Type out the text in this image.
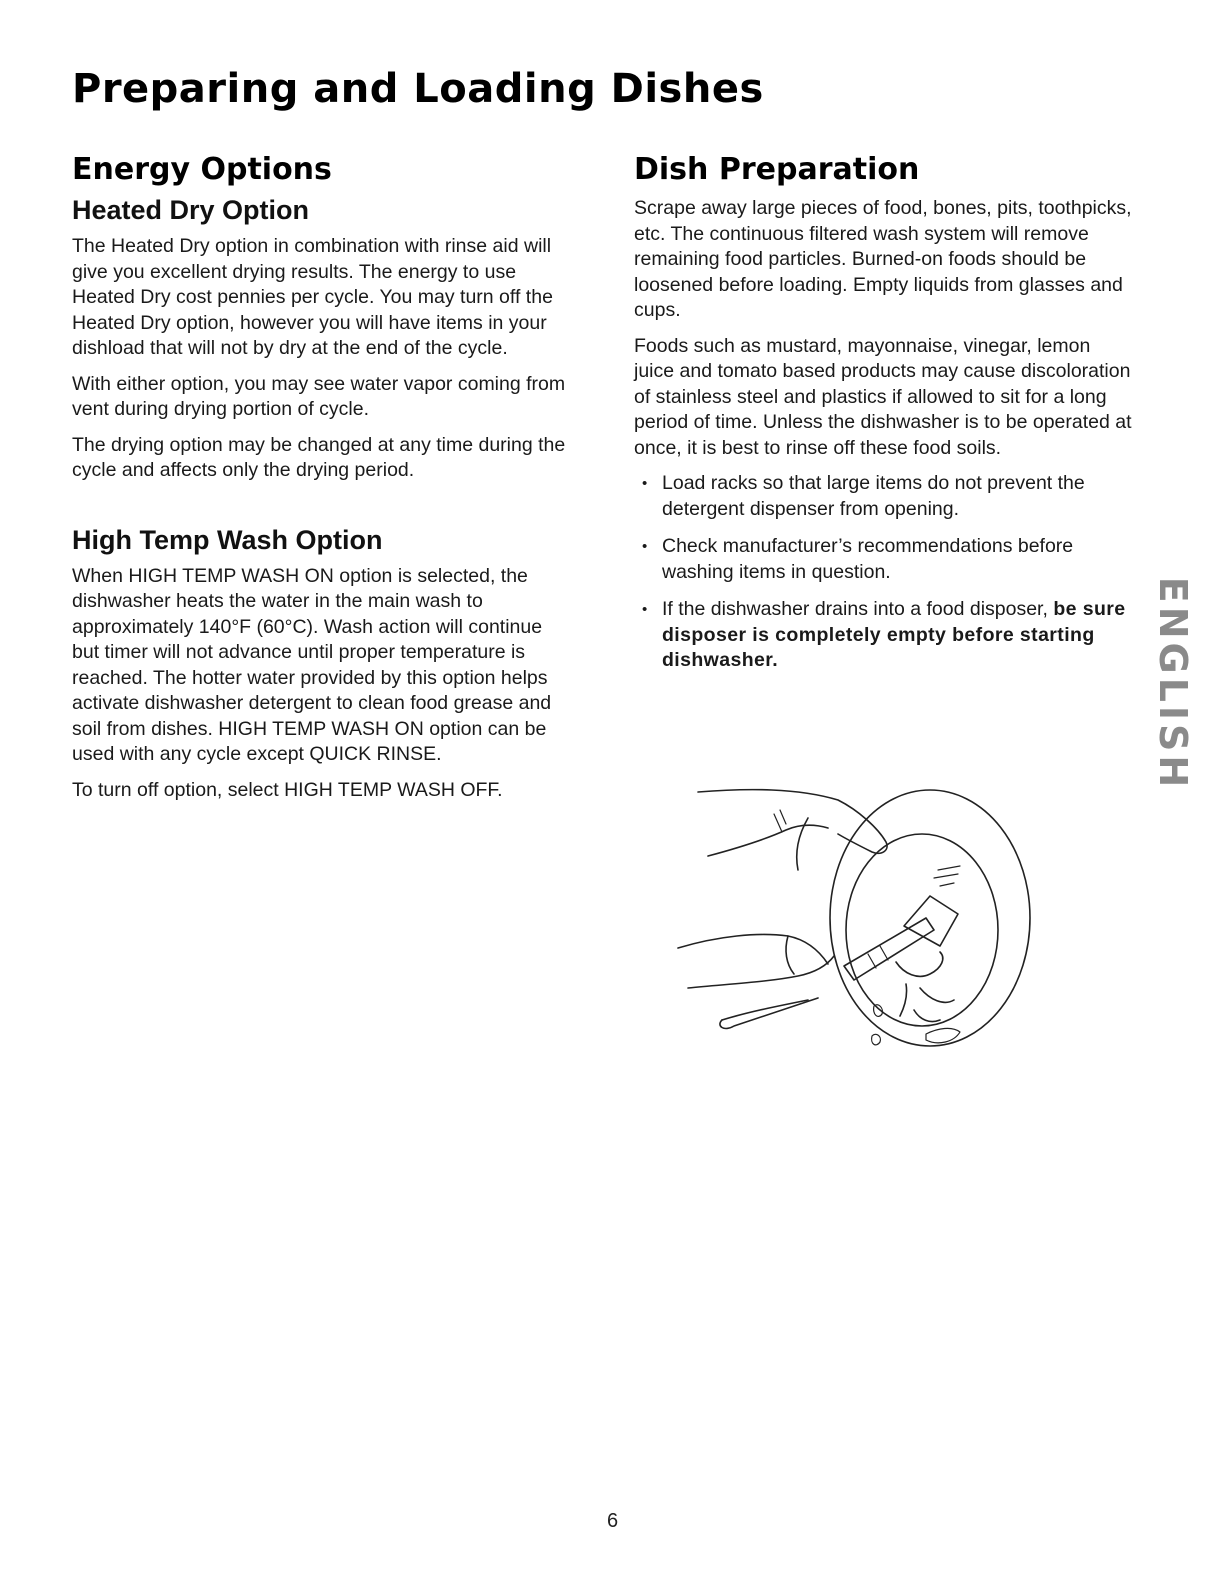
Preparing and Loading Dishes
Energy Options
Heated Dry Option

The Heated Dry option in combination with rinse aid will give you excellent drying results. The energy to use Heated Dry cost pennies per cycle. You may turn off the Heated Dry option, however you will have items in your dishload that will not by dry at the end of the cycle.

With either option, you may see water vapor coming from vent during drying portion of cycle.

The drying option may be changed at any time during the cycle and affects only the drying period.

High Temp Wash Option

When HIGH TEMP WASH ON option is selected, the dishwasher heats the water in the main wash to approximately 140°F (60°C). Wash action will continue but timer will not advance until proper temperature is reached. The hotter water provided by this option helps activate dishwasher detergent to clean food grease and soil from dishes. HIGH TEMP WASH ON option can be used with any cycle except QUICK RINSE.

To turn off option, select HIGH TEMP WASH OFF.

Dish Preparation

Scrape away large pieces of food, bones, pits, toothpicks, etc. The continuous filtered wash system will remove remaining food particles. Burned-on foods should be loosened before loading. Empty liquids from glasses and cups.

Foods such as mustard, mayonnaise, vinegar, lemon juice and tomato based products may cause discoloration of stainless steel and plastics if allowed to sit for a long period of time. Unless the dishwasher is to be operated at once, it is best to rinse off these food soils.

• Load racks so that large items do not prevent the detergent dispenser from opening.
• Check manufacturer’s recommendations before washing items in question.
• If the dishwasher drains into a food disposer, be sure disposer is completely empty before starting dishwasher.	ENGLISH
6
